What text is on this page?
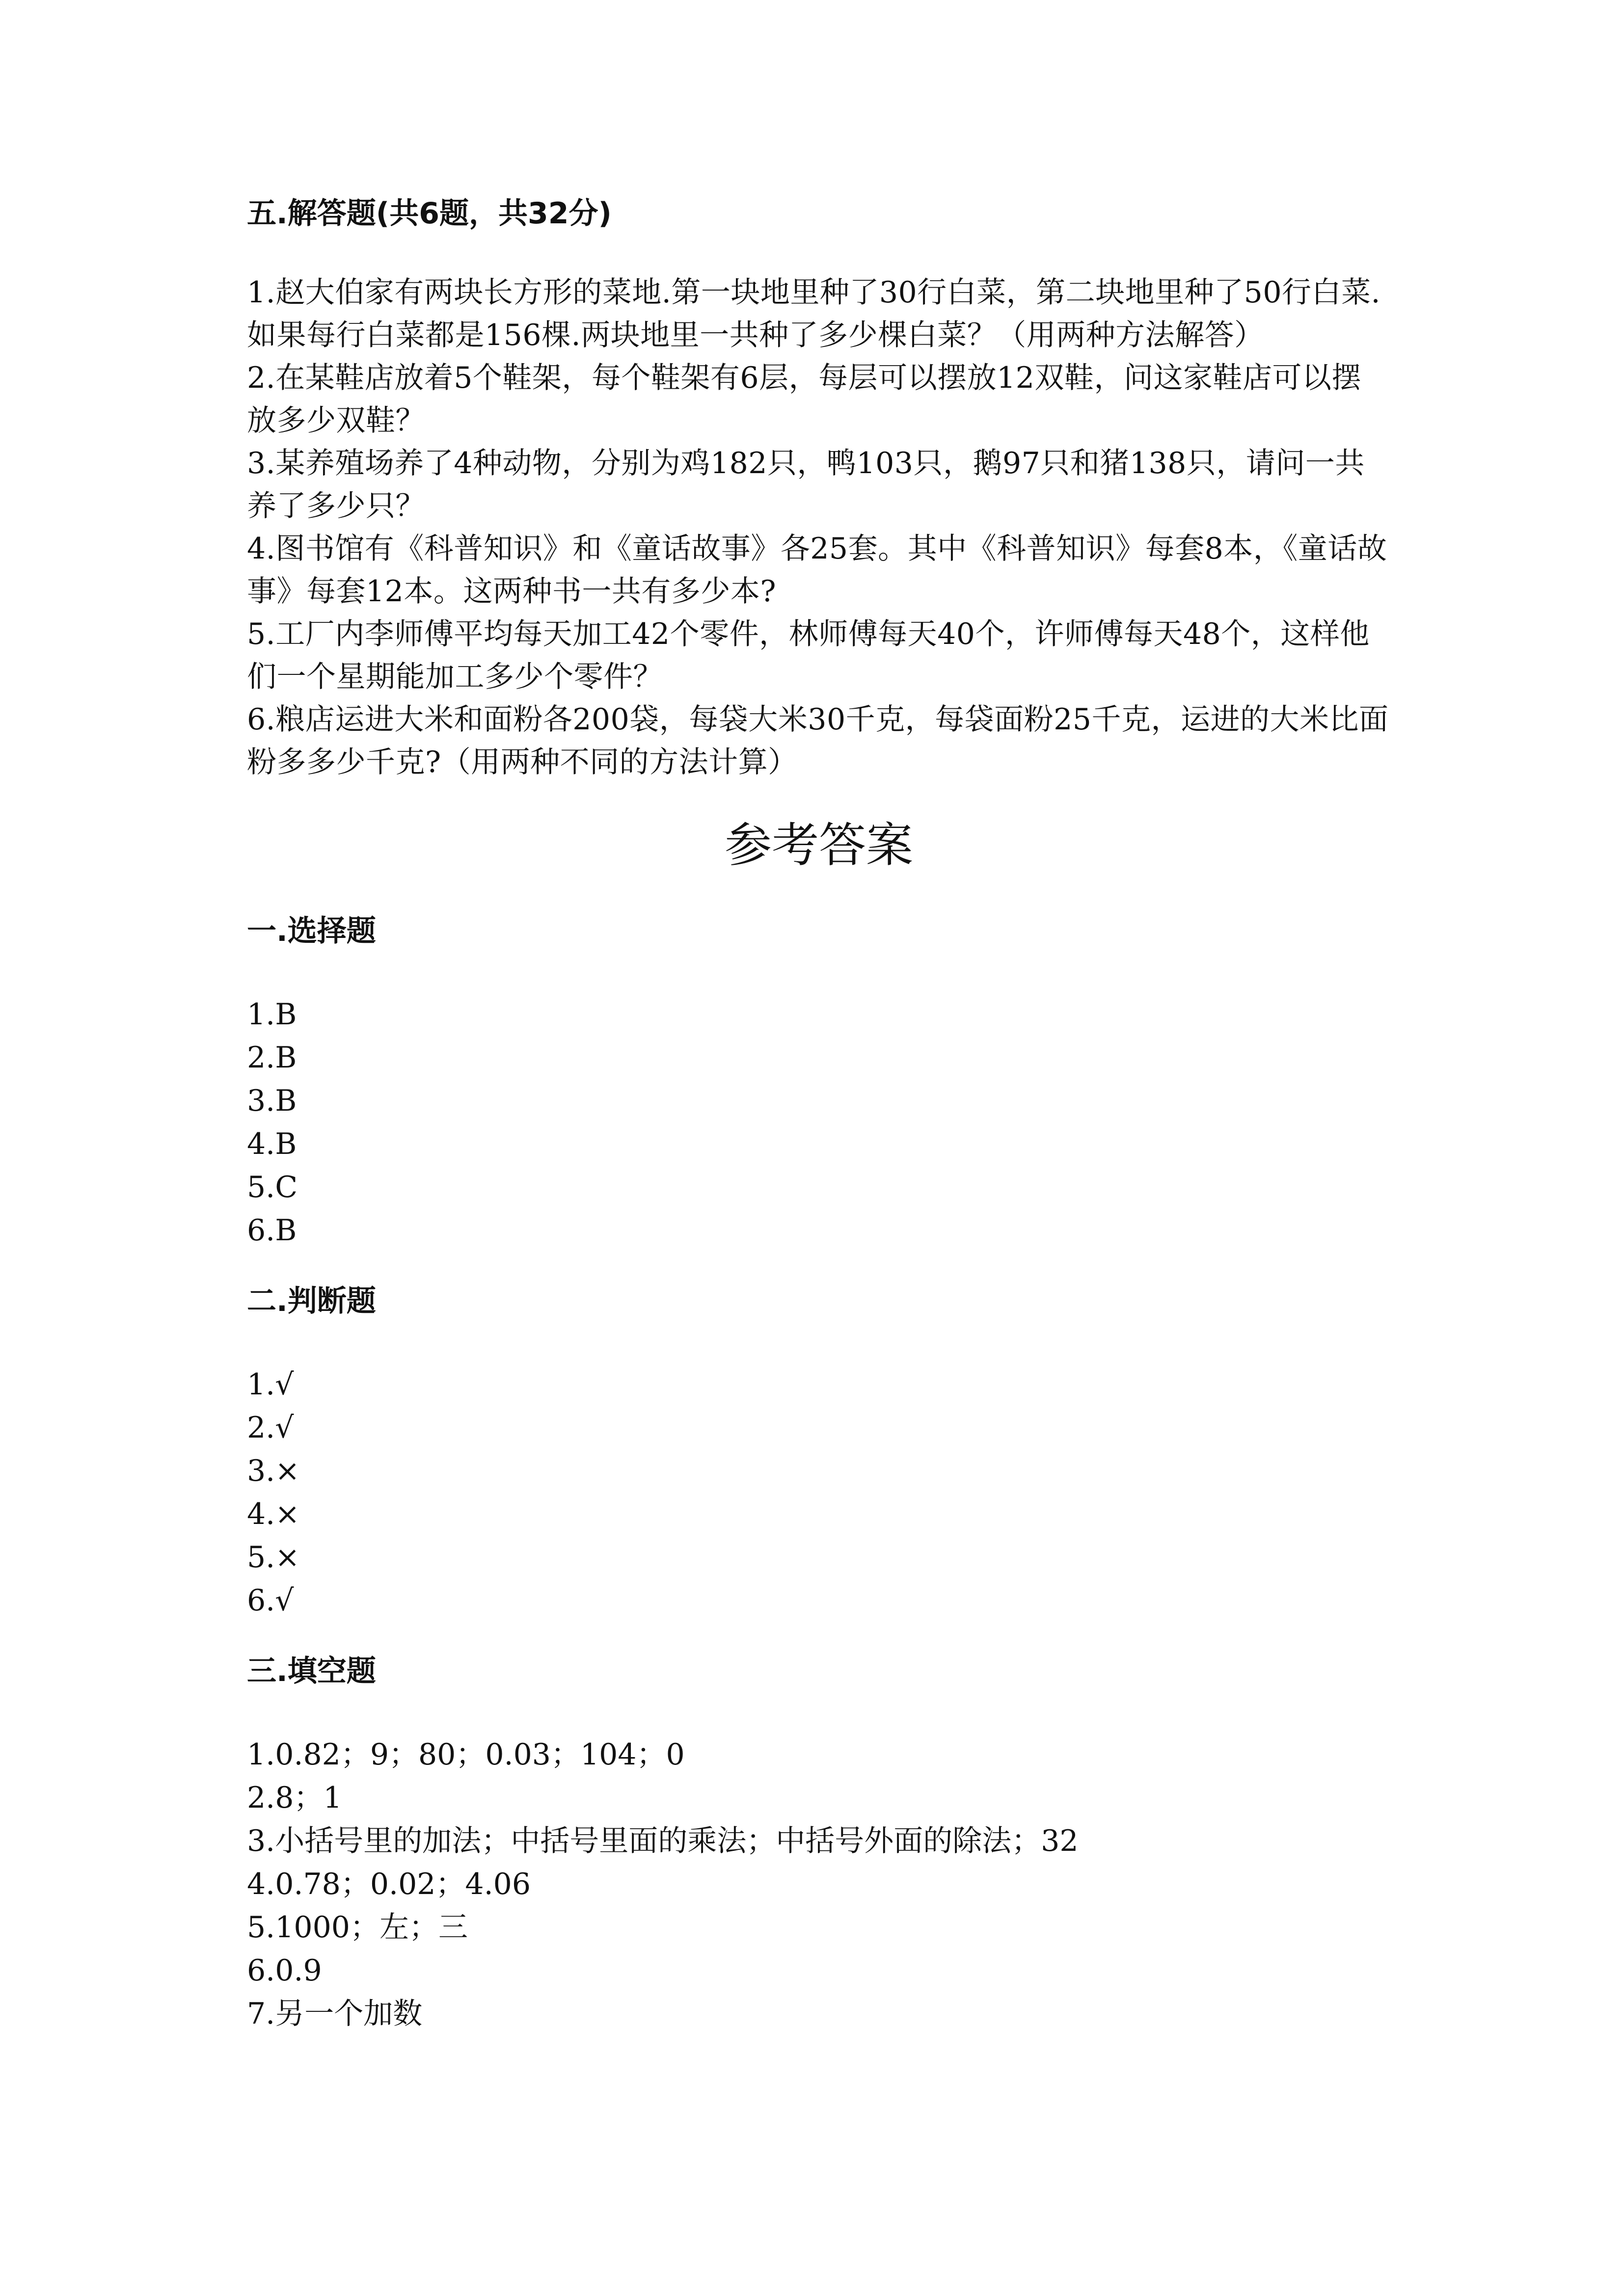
五.解答题(共6题，共32分)
1.赵大伯家有两块长方形的菜地.第一块地里种了30行白菜，第二块地里种了50行白菜.如果每行白菜都是156棵.两块地里一共种了多少棵白菜？（用两种方法解答）
2.在某鞋店放着5个鞋架，每个鞋架有6层，每层可以摆放12双鞋，问这家鞋店可以摆放多少双鞋？
3.某养殖场养了4种动物，分别为鸡182只，鸭103只，鹅97只和猪138只，请问一共养了多少只？
4.图书馆有《科普知识》和《童话故事》各25套。其中《科普知识》每套8本，《童话故事》每套12本。这两种书一共有多少本?
5.工厂内李师傅平均每天加工42个零件，林师傅每天40个，许师傅每天48个，这样他们一个星期能加工多少个零件？
6.粮店运进大米和面粉各200袋，每袋大米30千克，每袋面粉25千克，运进的大米比面粉多多少千克?（用两种不同的方法计算）
参考答案
一.选择题
1.B
2.B
3.B
4.B
5.C
6.B
二.判断题
1.√
2.√
3.×
4.×
5.×
6.√
三.填空题
1.0.82；9；80；0.03；104；0
2.8；1
3.小括号里的加法；中括号里面的乘法；中括号外面的除法；32
4.0.78；0.02；4.06
5.1000；左；三
6.0.9
7.另一个加数
